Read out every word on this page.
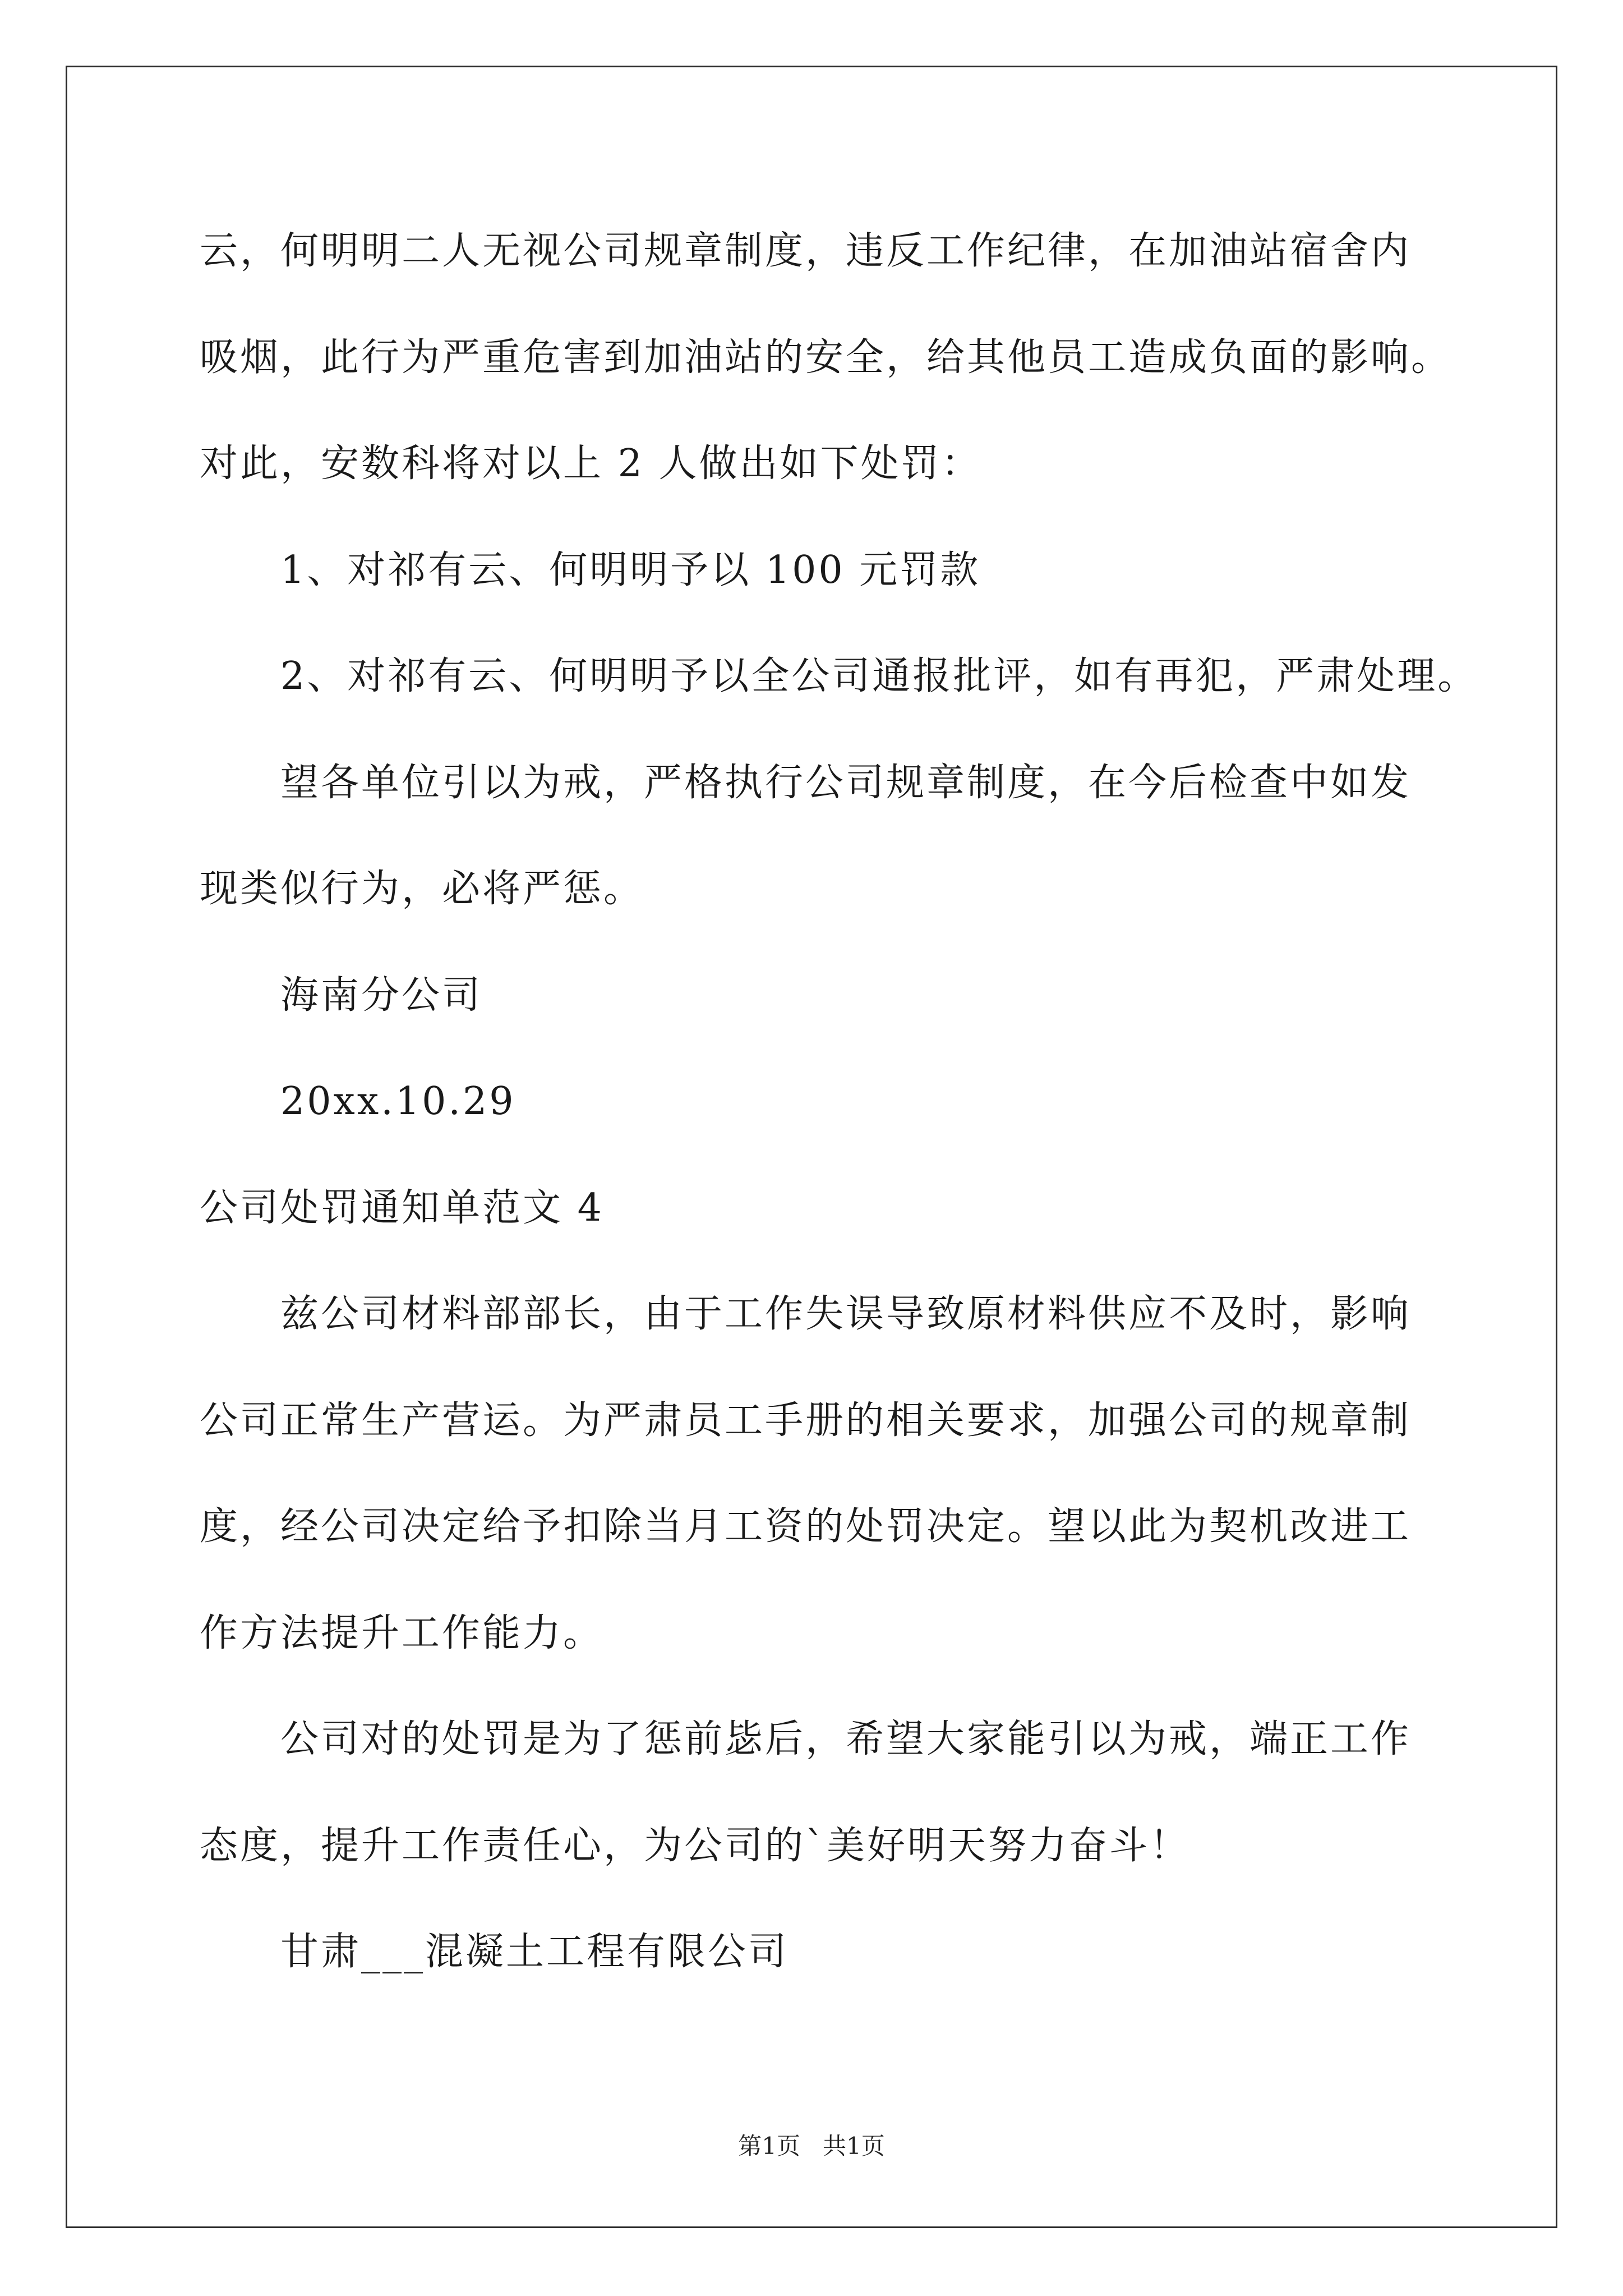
云，何明明二人无视公司规章制度，违反工作纪律，在加油站宿舍内
吸烟，此行为严重危害到加油站的安全，给其他员工造成负面的影响。
对此，安数科将对以上 2 人做出如下处罚：
1、对祁有云、何明明予以 100 元罚款
2、对祁有云、何明明予以全公司通报批评，如有再犯，严肃处理。
望各单位引以为戒，严格执行公司规章制度，在今后检查中如发
现类似行为，必将严惩。
海南分公司
20xx.10.29
公司处罚通知单范文 4
兹公司材料部部长，由于工作失误导致原材料供应不及时，影响
公司正常生产营运。为严肃员工手册的相关要求，加强公司的规章制
度，经公司决定给予扣除当月工资的处罚决定。望以此为契机改进工
作方法提升工作能力。
公司对的处罚是为了惩前毖后，希望大家能引以为戒，端正工作
态度，提升工作责任心，为公司的`美好明天努力奋斗！
甘肃___混凝土工程有限公司
第1页   共1页
